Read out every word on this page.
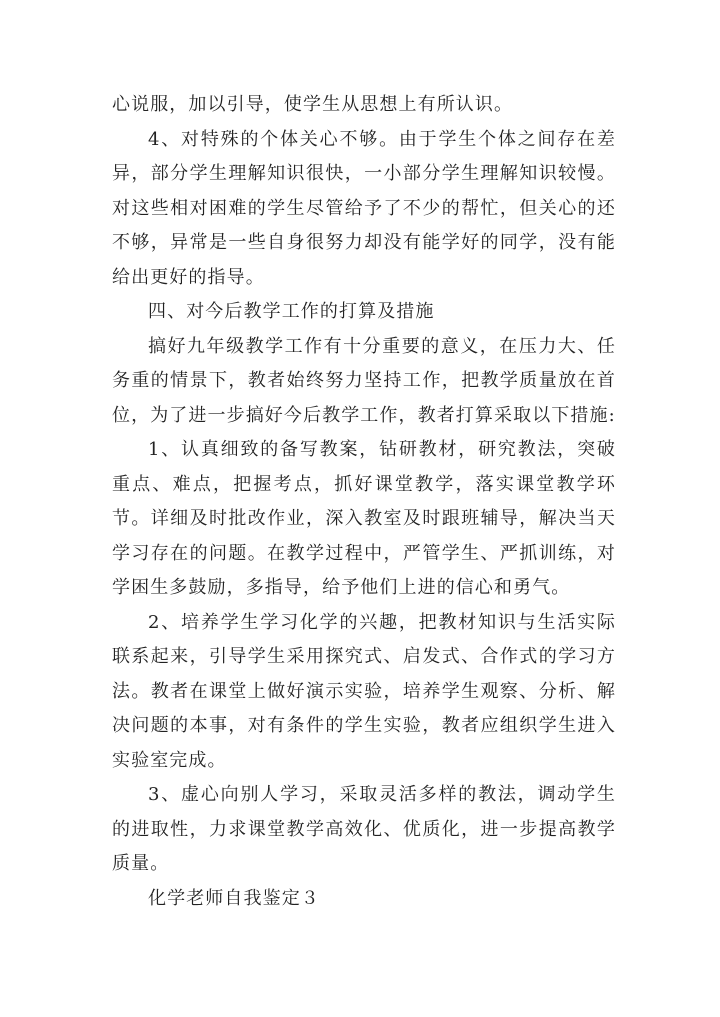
心说服，加以引导，使学生从思想上有所认识。

4、对特殊的个体关心不够。由于学生个体之间存在差异，部分学生理解知识很快，一小部分学生理解知识较慢。对这些相对困难的学生尽管给予了不少的帮忙，但关心的还不够，异常是一些自身很努力却没有能学好的同学，没有能给出更好的指导。

四、对今后教学工作的打算及措施

搞好九年级教学工作有十分重要的意义，在压力大、任务重的情景下，教者始终努力坚持工作，把教学质量放在首位，为了进一步搞好今后教学工作，教者打算采取以下措施:

1、认真细致的备写教案，钻研教材，研究教法，突破重点、难点，把握考点，抓好课堂教学，落实课堂教学环节。详细及时批改作业，深入教室及时跟班辅导，解决当天学习存在的问题。在教学过程中，严管学生、严抓训练，对学困生多鼓励，多指导，给予他们上进的信心和勇气。

2、培养学生学习化学的兴趣，把教材知识与生活实际联系起来，引导学生采用探究式、启发式、合作式的学习方法。教者在课堂上做好演示实验，培养学生观察、分析、解决问题的本事，对有条件的学生实验，教者应组织学生进入实验室完成。

3、虚心向别人学习，采取灵活多样的教法，调动学生的进取性，力求课堂教学高效化、优质化，进一步提高教学质量。

化学老师自我鉴定３
